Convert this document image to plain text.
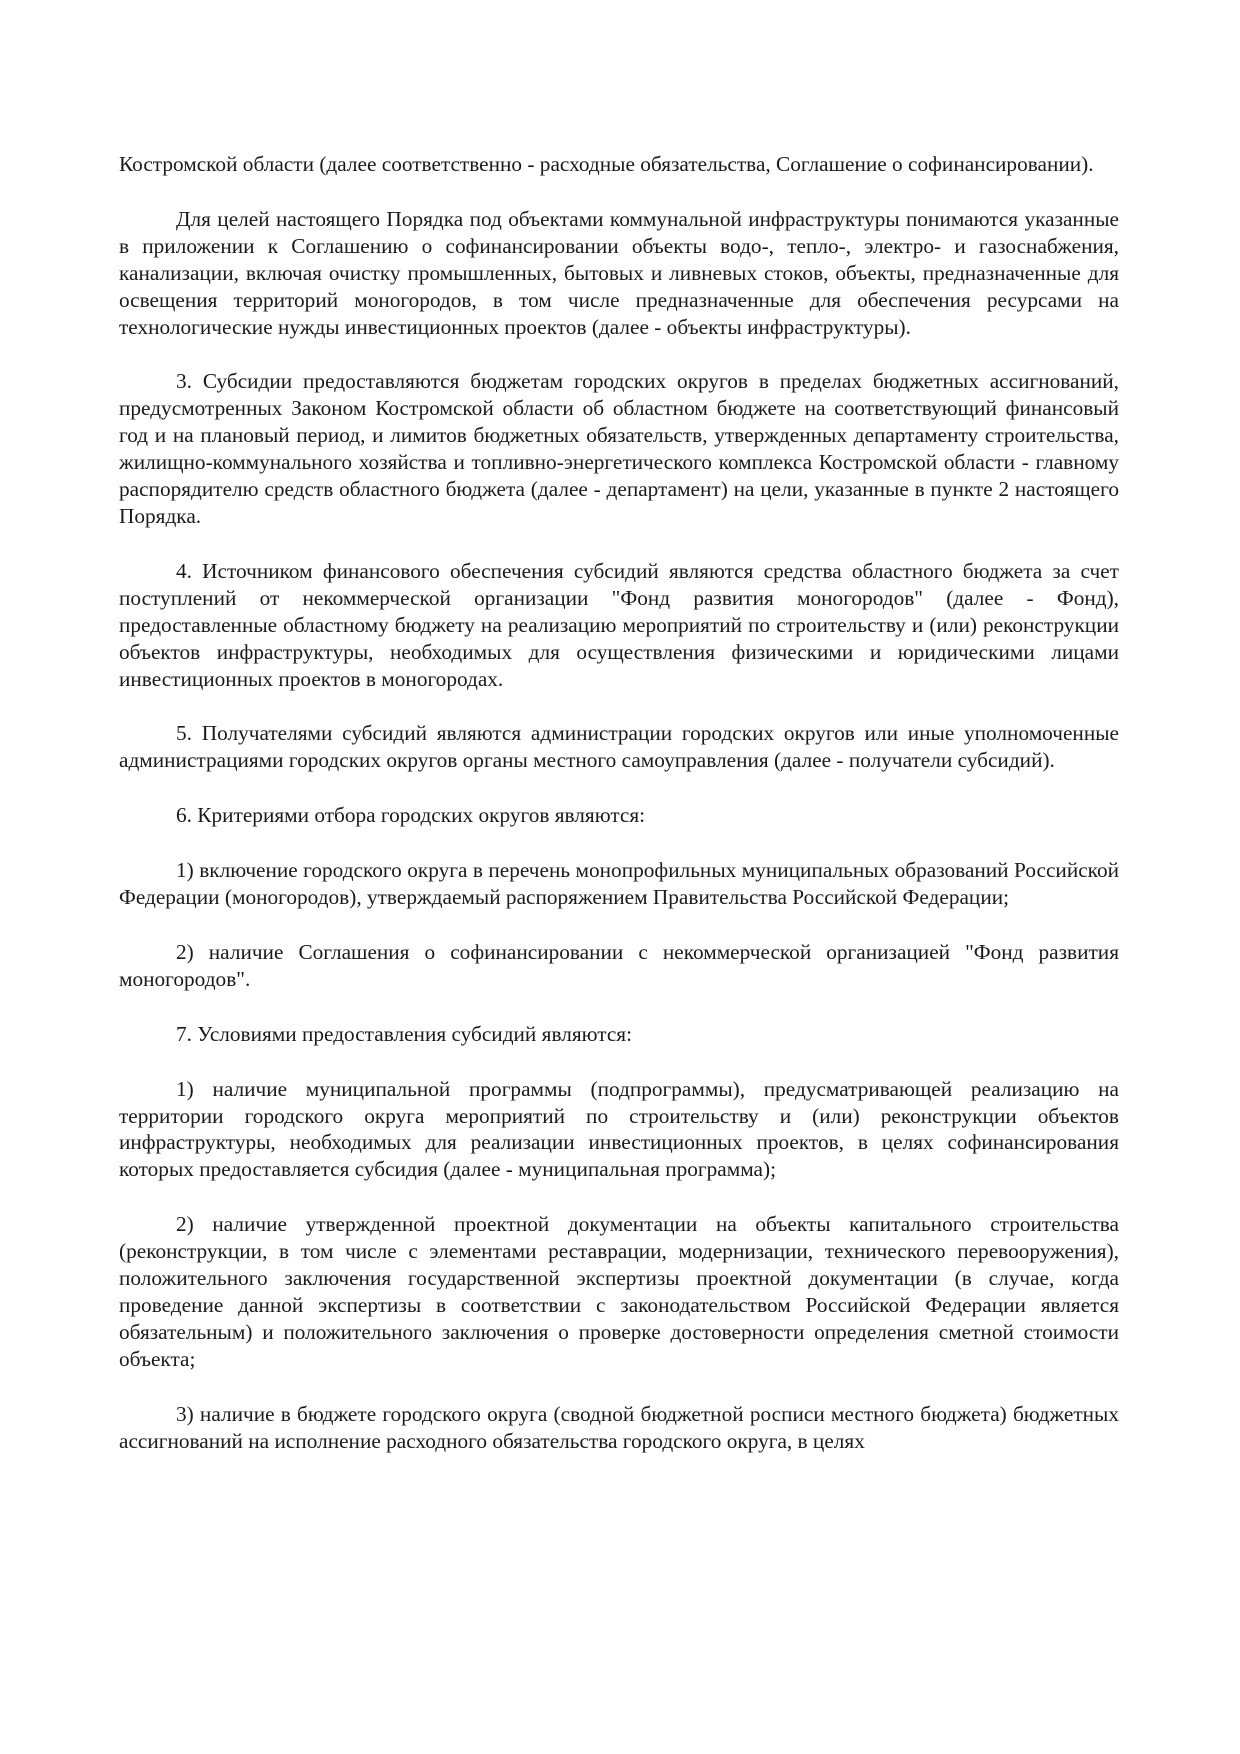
Костромской области (далее соответственно - расходные обязательства, Соглашение о софинансировании).

Для целей настоящего Порядка под объектами коммунальной инфраструктуры понимаются указанные в приложении к Соглашению о софинансировании объекты водо-, тепло-, электро- и газоснабжения, канализации, включая очистку промышленных, бытовых и ливневых стоков, объекты, предназначенные для освещения территорий моногородов, в том числе предназначенные для обеспечения ресурсами на технологические нужды инвестиционных проектов (далее - объекты инфраструктуры).

3. Субсидии предоставляются бюджетам городских округов в пределах бюджетных ассигнований, предусмотренных Законом Костромской области об областном бюджете на соответствующий финансовый год и на плановый период, и лимитов бюджетных обязательств, утвержденных департаменту строительства, жилищно-коммунального хозяйства и топливно-энергетического комплекса Костромской области - главному распорядителю средств областного бюджета (далее - департамент) на цели, указанные в пункте 2 настоящего Порядка.

4. Источником финансового обеспечения субсидий являются средства областного бюджета за счет поступлений от некоммерческой организации "Фонд развития моногородов" (далее - Фонд), предоставленные областному бюджету на реализацию мероприятий по строительству и (или) реконструкции объектов инфраструктуры, необходимых для осуществления физическими и юридическими лицами инвестиционных проектов в моногородах.

5. Получателями субсидий являются администрации городских округов или иные уполномоченные администрациями городских округов органы местного самоуправления (далее - получатели субсидий).

6. Критериями отбора городских округов являются:

1) включение городского округа в перечень монопрофильных муниципальных образований Российской Федерации (моногородов), утверждаемый распоряжением Правительства Российской Федерации;

2) наличие Соглашения о софинансировании с некоммерческой организацией "Фонд развития моногородов".

7. Условиями предоставления субсидий являются:

1) наличие муниципальной программы (подпрограммы), предусматривающей реализацию на территории городского округа мероприятий по строительству и (или) реконструкции объектов инфраструктуры, необходимых для реализации инвестиционных проектов, в целях софинансирования которых предоставляется субсидия (далее - муниципальная программа);

2) наличие утвержденной проектной документации на объекты капитального строительства (реконструкции, в том числе с элементами реставрации, модернизации, технического перевооружения), положительного заключения государственной экспертизы проектной документации (в случае, когда проведение данной экспертизы в соответствии с законодательством Российской Федерации является обязательным) и положительного заключения о проверке достоверности определения сметной стоимости объекта;

3) наличие в бюджете городского округа (сводной бюджетной росписи местного бюджета) бюджетных ассигнований на исполнение расходного обязательства городского округа, в целях
